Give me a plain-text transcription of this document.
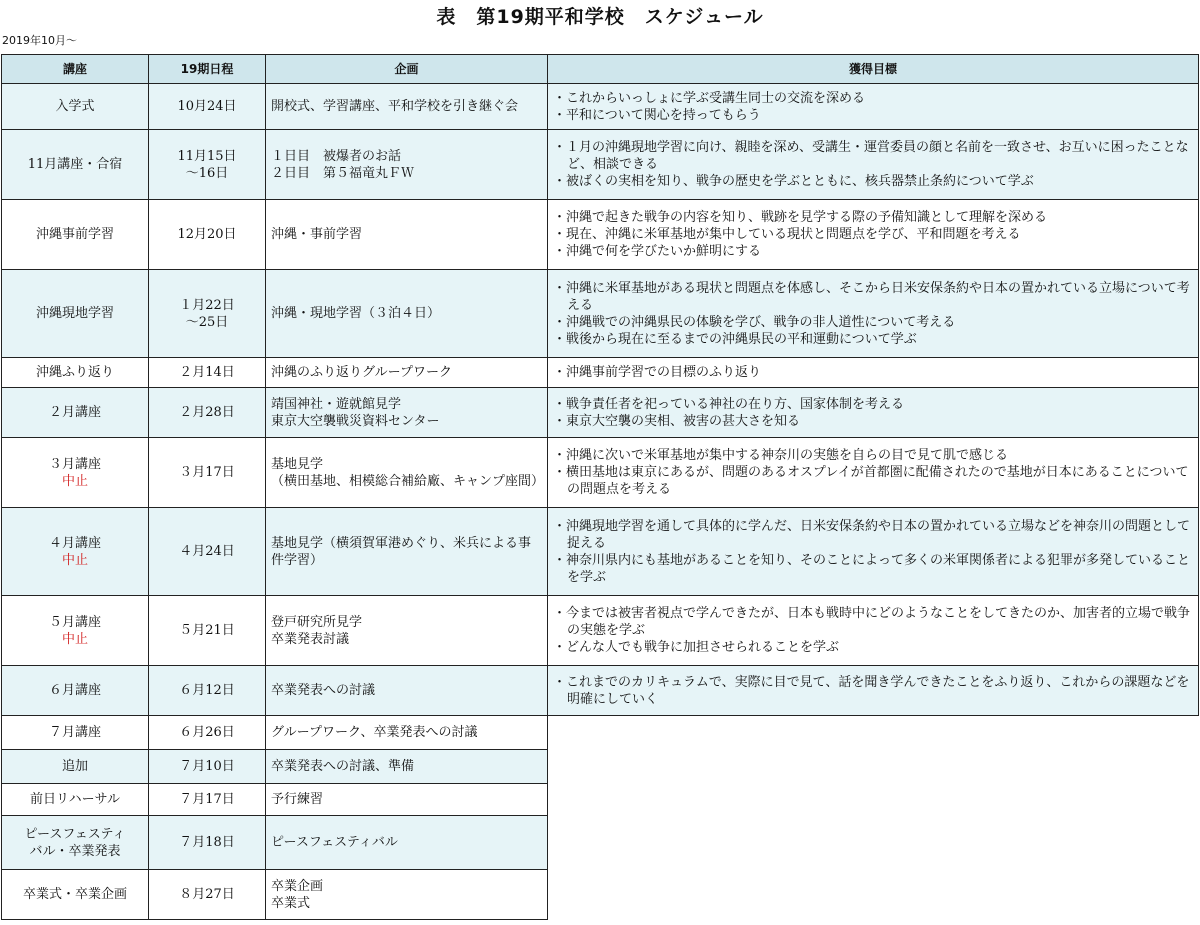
表　第19期平和学校　スケジュール
2019年10月～
講座	19期日程	企画	獲得目標

入学式	10月24日	開校式、学習講座、平和学校を引き継ぐ会	・これからいっしょに学ぶ受講生同士の交流を深める
・平和について関心を持ってもらう

11月講座・合宿	11月15日
～16日	１日目　被爆者のお話
２日目　第５福竜丸ＦＷ	・１月の沖縄現地学習に向け、親睦を深め、受講生・運営委員の顔と名前を一致させ、お互いに困ったことなど、相談できる
・被ばくの実相を知り、戦争の歴史を学ぶとともに、核兵器禁止条約について学ぶ

沖縄事前学習	12月20日	沖縄・事前学習	・沖縄で起きた戦争の内容を知り、戦跡を見学する際の予備知識として理解を深める
・現在、沖縄に米軍基地が集中している現状と問題点を学び、平和問題を考える
・沖縄で何を学びたいか鮮明にする

沖縄現地学習	１月22日
～25日	沖縄・現地学習（３泊４日）	・沖縄に米軍基地がある現状と問題点を体感し、そこから日米安保条約や日本の置かれている立場について考える
・沖縄戦での沖縄県民の体験を学び、戦争の非人道性について考える
・戦後から現在に至るまでの沖縄県民の平和運動について学ぶ

沖縄ふり返り	２月14日	沖縄のふり返りグループワーク	・沖縄事前学習での目標のふり返り

２月講座	２月28日	靖国神社・遊就館見学
東京大空襲戦災資料センター	・戦争責任者を祀っている神社の在り方、国家体制を考える
・東京大空襲の実相、被害の甚大さを知る

３月講座
中止	３月17日	基地見学
（横田基地、相模総合補給廠、キャンプ座間）	・沖縄に次いで米軍基地が集中する神奈川の実態を自らの目で見て肌で感じる
・横田基地は東京にあるが、問題のあるオスプレイが首都圏に配備されたので基地が日本にあることについての問題点を考える

４月講座
中止	４月24日	基地見学（横須賀軍港めぐり、米兵による事件学習）	・沖縄現地学習を通して具体的に学んだ、日米安保条約や日本の置かれている立場などを神奈川の問題として捉える
・神奈川県内にも基地があることを知り、そのことによって多くの米軍関係者による犯罪が多発していることを学ぶ

５月講座
中止	５月21日	登戸研究所見学
卒業発表討議	・今までは被害者視点で学んできたが、日本も戦時中にどのようなことをしてきたのか、加害者的立場で戦争の実態を学ぶ
・どんな人でも戦争に加担させられることを学ぶ

６月講座	６月12日	卒業発表への討議	・これまでのカリキュラムで、実際に目で見て、話を聞き学んできたことをふり返り、これからの課題などを明確にしていく

７月講座	６月26日	グループワーク、卒業発表への討議	

追加	７月10日	卒業発表への討議、準備	

前日リハーサル	７月17日	予行練習	

ピースフェスティ
バル・卒業発表	７月18日	ピースフェスティバル	

卒業式・卒業企画	８月27日	卒業企画
卒業式	
